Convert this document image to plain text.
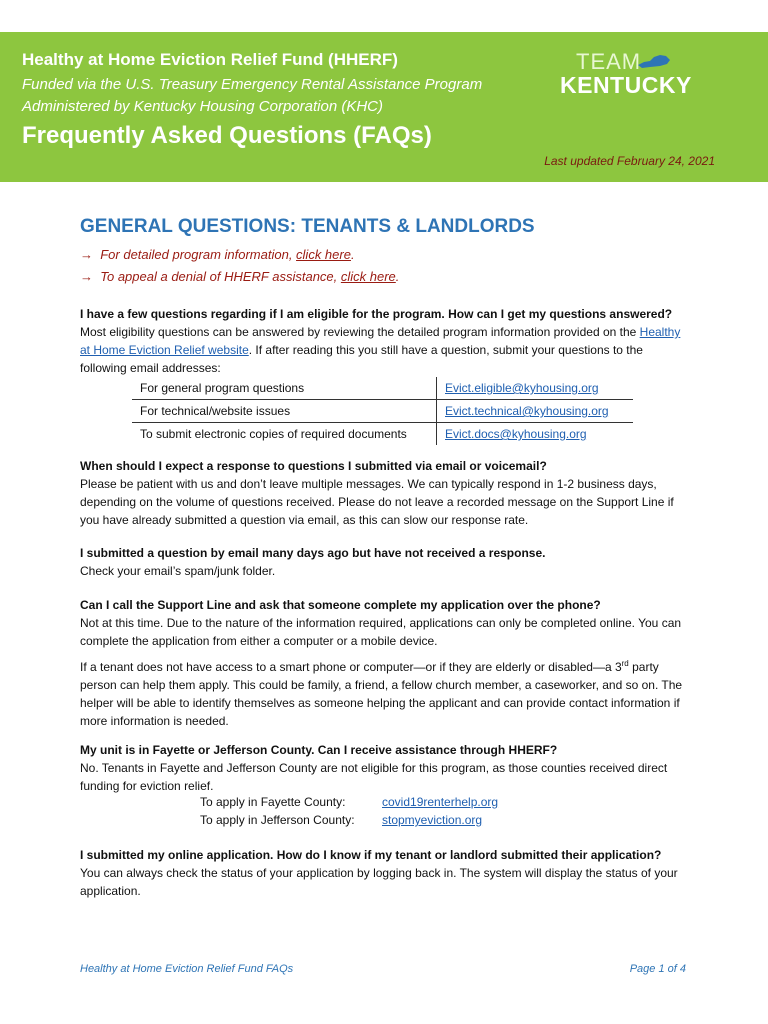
Healthy at Home Eviction Relief Fund (HHERF)
Funded via the U.S. Treasury Emergency Rental Assistance Program
Administered by Kentucky Housing Corporation (KHC)
Frequently Asked Questions (FAQs)
Last updated February 24, 2021
TEAM
KENTUCKY
GENERAL QUESTIONS: TENANTS & LANDLORDS
→ For detailed program information, click here.
→ To appeal a denial of HHERF assistance, click here.
I have a few questions regarding if I am eligible for the program. How can I get my questions answered?
Most eligibility questions can be answered by reviewing the detailed program information provided on the Healthy at Home Eviction Relief website. If after reading this you still have a question, submit your questions to the following email addresses:
For general program questions	Evict.eligible@kyhousing.org
For technical/website issues	Evict.technical@kyhousing.org
To submit electronic copies of required documents	Evict.docs@kyhousing.org
When should I expect a response to questions I submitted via email or voicemail?
Please be patient with us and don’t leave multiple messages. We can typically respond in 1-2 business days, depending on the volume of questions received. Please do not leave a recorded message on the Support Line if you have already submitted a question via email, as this can slow our response rate.
I submitted a question by email many days ago but have not received a response.
Check your email’s spam/junk folder.
Can I call the Support Line and ask that someone complete my application over the phone?
Not at this time. Due to the nature of the information required, applications can only be completed online. You can complete the application from either a computer or a mobile device.
If a tenant does not have access to a smart phone or computer—or if they are elderly or disabled—a 3rd party person can help them apply. This could be family, a friend, a fellow church member, a caseworker, and so on. The helper will be able to identify themselves as someone helping the applicant and can provide contact information if more information is needed.
My unit is in Fayette or Jefferson County. Can I receive assistance through HHERF?
No. Tenants in Fayette and Jefferson County are not eligible for this program, as those counties received direct funding for eviction relief.
To apply in Fayette County:	covid19renterhelp.org
To apply in Jefferson County: stopmyeviction.org
I submitted my online application. How do I know if my tenant or landlord submitted their application?
You can always check the status of your application by logging back in. The system will display the status of your application.
Healthy at Home Eviction Relief Fund FAQs	Page 1 of 4
